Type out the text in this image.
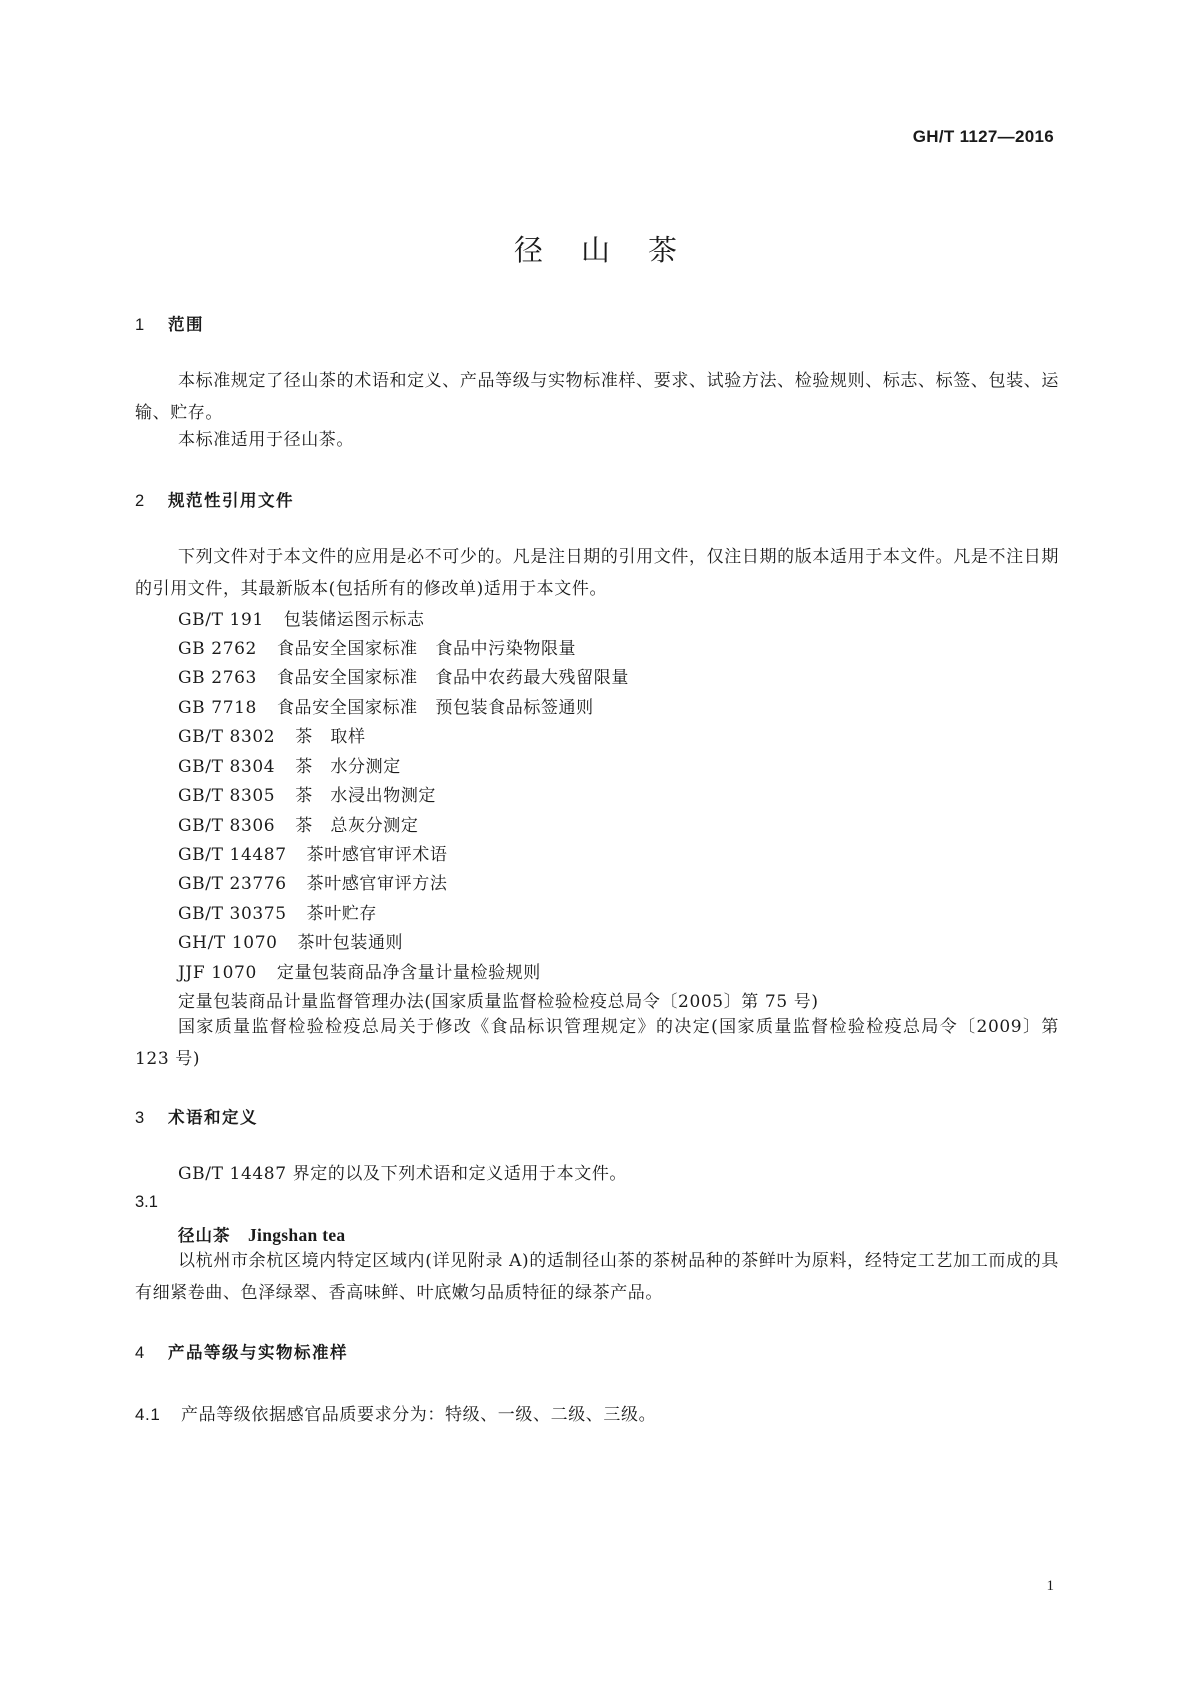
GH/T 1127—2016
径山茶
1 范围
本标准规定了径山茶的术语和定义、产品等级与实物标准样、要求、试验方法、检验规则、标志、标签、包装、运输、贮存。
本标准适用于径山茶。
2 规范性引用文件
下列文件对于本文件的应用是必不可少的。凡是注日期的引用文件，仅注日期的版本适用于本文件。凡是不注日期的引用文件，其最新版本(包括所有的修改单)适用于本文件。
GB/T 191 包装储运图示标志
GB 2762 食品安全国家标准　食品中污染物限量
GB 2763 食品安全国家标准　食品中农药最大残留限量
GB 7718 食品安全国家标准　预包装食品标签通则
GB/T 8302 茶　取样
GB/T 8304 茶　水分测定
GB/T 8305 茶　水浸出物测定
GB/T 8306 茶　总灰分测定
GB/T 14487 茶叶感官审评术语
GB/T 23776 茶叶感官审评方法
GB/T 30375 茶叶贮存
GH/T 1070 茶叶包装通则
JJF 1070 定量包装商品净含量计量检验规则
定量包装商品计量监督管理办法(国家质量监督检验检疫总局令〔2005〕第 75 号)
国家质量监督检验检疫总局关于修改《食品标识管理规定》的决定(国家质量监督检验检疫总局令〔2009〕第 123 号)
3 术语和定义
GB/T 14487 界定的以及下列术语和定义适用于本文件。
3.1
径山茶　 Jingshan tea
以杭州市余杭区境内特定区域内(详见附录 A)的适制径山茶的茶树品种的茶鲜叶为原料，经特定工艺加工而成的具有细紧卷曲、色泽绿翠、香高味鲜、叶底嫩匀品质特征的绿茶产品。
4 产品等级与实物标准样
4.1 产品等级依据感官品质要求分为：特级、一级、二级、三级。
1
